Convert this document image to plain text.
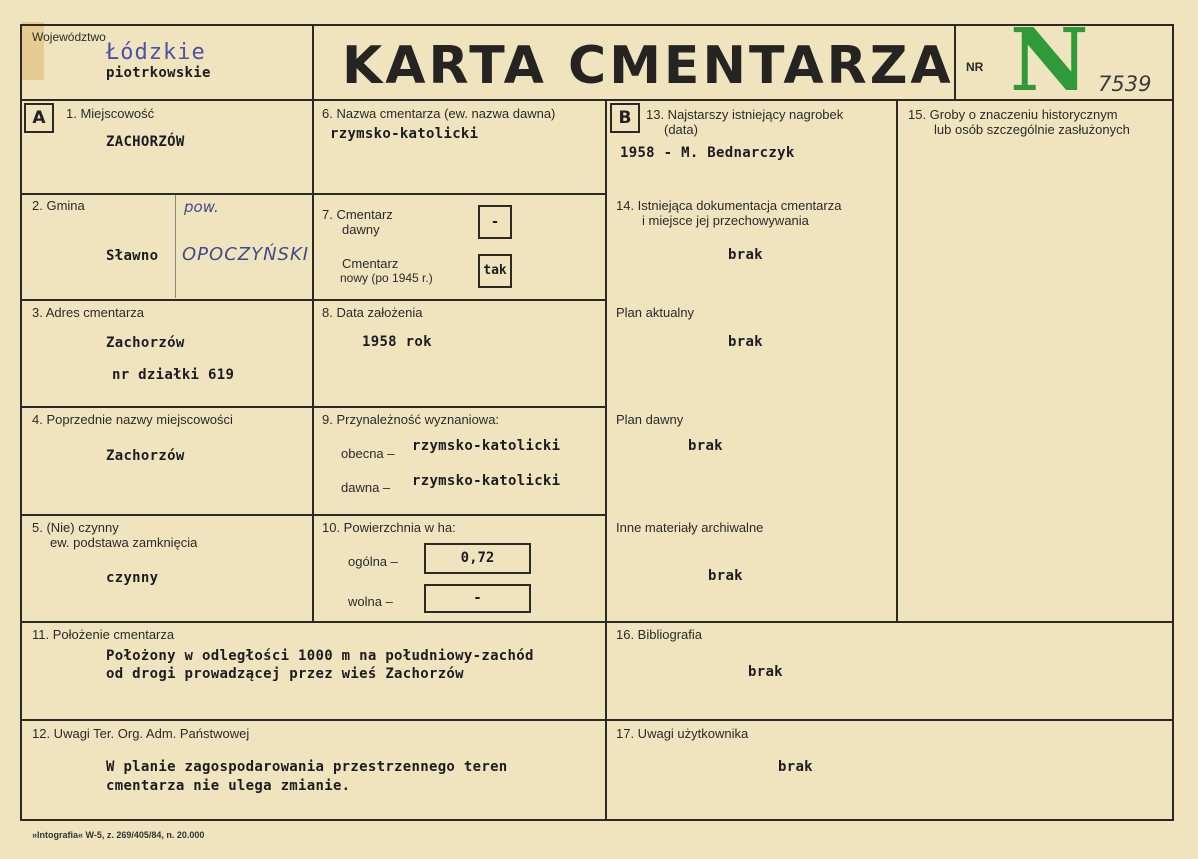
Województwo
Łódzkie
piotrkowskie	KARTA CMENTARZA NR N 7539
A	1. Miejscowość
ZACHORZÓW
2. Gmina
Sławno
pow.
OPOCZYŃSKI
3. Adres cmentarza
Zachorzów
nr działki 619
4. Poprzednie nazwy miejscowości
Zachorzów
5. (Nie) czynny
ew. podstawa zamknięcia
czynny
6. Nazwa cmentarza (ew. nazwa dawna)
rzymsko-katolicki
7. Cmentarz
dawny	-
Cmentarz
nowy (po 1945 r.)	tak
8. Data założenia
1958 rok
9. Przynależność wyznaniowa:
obecna – rzymsko-katolicki
dawna – rzymsko-katolicki
10. Powierzchnia w ha:
ogólna –	0,72
wolna –	-
B	13. Najstarszy istniejący nagrobek
(data)
1958 - M. Bednarczyk
14. Istniejąca dokumentacja cmentarza
i miejsce jej przechowywania
brak
Plan aktualny
brak
Plan dawny
brak
Inne materiały archiwalne
brak
15. Groby o znaczeniu historycznym
lub osób szczególnie zasłużonych
11. Położenie cmentarza
Położony w odległości 1000 m na południowy-zachód
od drogi prowadzącej przez wieś Zachorzów
12. Uwagi Ter. Org. Adm. Państwowej
W planie zagospodarowania przestrzennego teren
cmentarza nie ulega zmianie.
16. Bibliografia
brak
17. Uwagi użytkownika
brak
»Intografia« W-5, z. 269/405/84, n. 20.000
